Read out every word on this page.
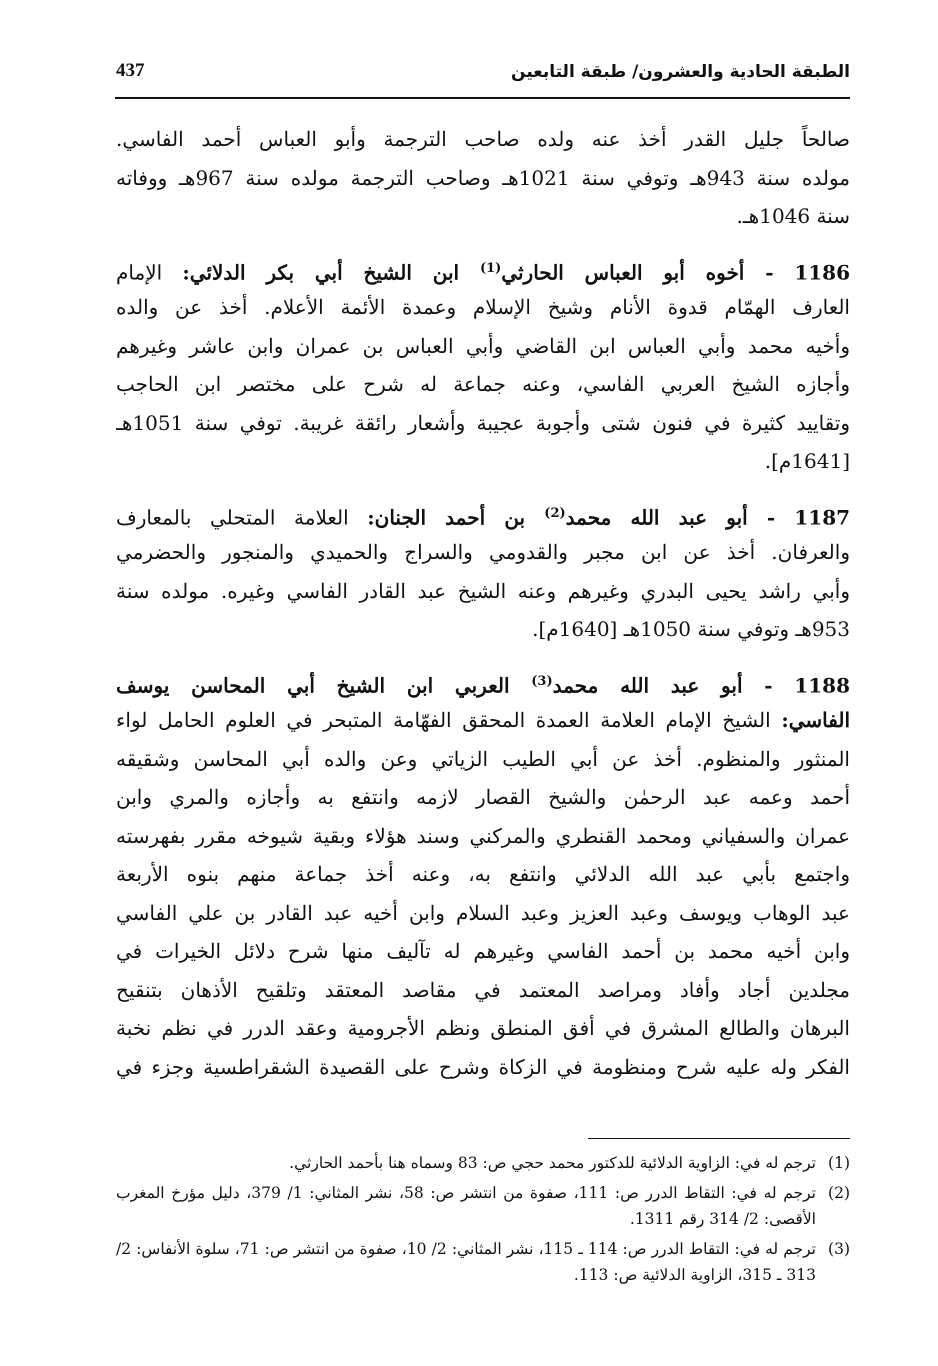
الطبقة الحادية والعشرون/ طبقة التابعين
437
صالحاً جليل القدر أخذ عنه ولده صاحب الترجمة وأبو العباس أحمد الفاسي.
مولده سنة 943هـ وتوفي سنة 1021هـ وصاحب الترجمة مولده سنة 967هـ ووفاته
سنة 1046هـ.
1186 - أخوه أبو العباس الحارثي$^{(1)}$ ابن الشيخ أبي بكر الدلائي: الإمام
العارف الهمّام قدوة الأنام وشيخ الإسلام وعمدة الأئمة الأعلام. أخذ عن والده
وأخيه محمد وأبي العباس ابن القاضي وأبي العباس بن عمران وابن عاشر وغيرهم
وأجازه الشيخ العربي الفاسي، وعنه جماعة له شرح على مختصر ابن الحاجب
وتقاييد كثيرة في فنون شتى وأجوبة عجيبة وأشعار رائقة غريبة. توفي سنة 1051هـ
[1641م].
1187 - أبو عبد الله محمد$^{(2)}$ بن أحمد الجنان: العلامة المتحلي بالمعارف
والعرفان. أخذ عن ابن مجبر والقدومي والسراج والحميدي والمنجور والحضرمي
وأبي راشد يحيى البدري وغيرهم وعنه الشيخ عبد القادر الفاسي وغيره. مولده سنة
953هـ وتوفي سنة 1050هـ [1640م].
1188 - أبو عبد الله محمد$^{(3)}$ العربي ابن الشيخ أبي المحاسن يوسف
الفاسي: الشيخ الإمام العلامة العمدة المحقق الفهّامة المتبحر في العلوم الحامل لواء
المنثور والمنظوم. أخذ عن أبي الطيب الزياتي وعن والده أبي المحاسن وشقيقه
أحمد وعمه عبد الرحمٰن والشيخ القصار لازمه وانتفع به وأجازه والمري وابن
عمران والسفياني ومحمد القنطري والمركني وسند هؤلاء وبقية شيوخه مقرر بفهرسته
واجتمع بأبي عبد الله الدلائي وانتفع به، وعنه أخذ جماعة منهم بنوه الأربعة
عبد الوهاب ويوسف وعبد العزيز وعبد السلام وابن أخيه عبد القادر بن علي الفاسي
وابن أخيه محمد بن أحمد الفاسي وغيرهم له تآليف منها شرح دلائل الخيرات في
مجلدين أجاد وأفاد ومراصد المعتمد في مقاصد المعتقد وتلقيح الأذهان بتنقيح
البرهان والطالع المشرق في أفق المنطق ونظم الأجرومية وعقد الدرر في نظم نخبة
الفكر وله عليه شرح ومنظومة في الزكاة وشرح على القصيدة الشقراطسية وجزء في
(1)
ترجم له في: الزاوية الدلائية للدكتور محمد حجي ص: 83 وسماه هنا بأحمد الحارثي.
(2)
ترجم له في: التقاط الدرر ص: 111، صفوة من انتشر ص: 58، نشر المثاني: 1/ 379، دليل مؤرخ المغرب الأقصى: 2/ 314 رقم 1311.
(3)
ترجم له في: التقاط الدرر ص: 114 ـ 115، نشر المثاني: 2/ 10، صفوة من انتشر ص: 71، سلوة الأنفاس: 2/ 313 ـ 315، الزاوية الدلائية ص: 113.
